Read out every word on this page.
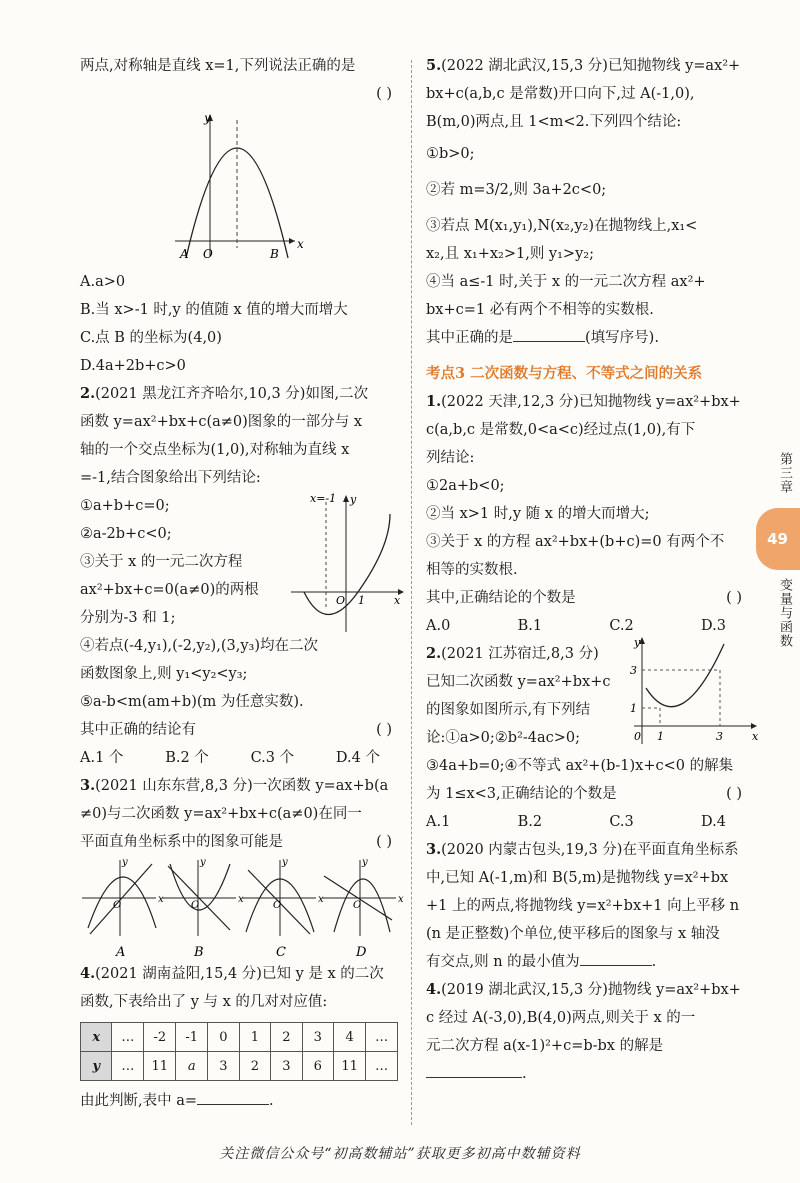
两点,对称轴是直线 x=1,下列说法正确的是

( )
y
x
A O	B
A.a>0
B.当 x>-1 时,y 的值随 x 值的增大而增大
C.点 B 的坐标为(4,0)
D.4a+2b+c>0
2.(2021 黑龙江齐齐哈尔,10,3 分)如图,二次
函数 y=ax²+bx+c(a≠0)图象的一部分与 x
轴的一个交点坐标为(1,0),对称轴为直线 x
=-1,结合图象给出下列结论:
x=-1 y
O 1	x
①a+b+c=0;
②a-2b+c<0;
③关于 x 的一元二次方程
ax²+bx+c=0(a≠0)的两根
分别为-3 和 1;
④若点(-4,y₁),(-2,y₂),(3,y₃)均在二次
函数图象上,则 y₁<y₂<y₃;
⑤a-b<m(am+b)(m 为任意实数).
其中正确的结论有	( )
A.1 个	B.2 个	C.3 个	D.4 个
3.(2021 山东东营,8,3 分)一次函数 y=ax+b(a
≠0)与二次函数 y=ax²+bx+c(a≠0)在同一
平面直角坐标系中的图象可能是	( )
O
x
y
A
O
x
y
B
O
x
y
C
O
x
y
D
4.(2021 湖南益阳,15,4 分)已知 y 是 x 的二次
函数,下表给出了 y 与 x 的几对对应值:
x	…	-2	-1	0	1	2	3	4	…
y	…	11	a	3	2	3	6	11	…
由此判断,表中 a=	.
5.(2022 湖北武汉,15,3 分)已知抛物线 y=ax²+
bx+c(a,b,c 是常数)开口向下,过 A(-1,0),
B(m,0)两点,且 1<m<2.下列四个结论:
①b>0;
②若 m=3/2,则 3a+2c<0;
③若点 M(x₁,y₁),N(x₂,y₂)在抛物线上,x₁<
x₂,且 x₁+x₂>1,则 y₁>y₂;
④当 a≤-1 时,关于 x 的一元二次方程 ax²+
bx+c=1 必有两个不相等的实数根.
其中正确的是	(填写序号).
考点3 二次函数与方程、不等式之间的关系
1.(2022 天津,12,3 分)已知抛物线 y=ax²+bx+
c(a,b,c 是常数,0<a<c)经过点(1,0),有下
列结论:
①2a+b<0;
②当 x>1 时,y 随 x 的增大而增大;
③关于 x 的方程 ax²+bx+(b+c)=0 有两个不
相等的实数根.
其中,正确结论的个数是	( )
A.0	B.1	C.2	D.3
y
3
1
0 1	3	x
2.(2021 江苏宿迁,8,3 分)
已知二次函数 y=ax²+bx+c
的图象如图所示,有下列结
论:①a>0;②b²-4ac>0;
③4a+b=0;④不等式 ax²+(b-1)x+c<0 的解集
为 1≤x<3,正确结论的个数是	( )
A.1	B.2	C.3	D.4
3.(2020 内蒙古包头,19,3 分)在平面直角坐标系
中,已知 A(-1,m)和 B(5,m)是抛物线 y=x²+bx
+1 上的两点,将抛物线 y=x²+bx+1 向上平移 n
(n 是正整数)个单位,使平移后的图象与 x 轴没
有交点,则 n 的最小值为	.
4.(2019 湖北武汉,15,3 分)抛物线 y=ax²+bx+
c 经过 A(-3,0),B(4,0)两点,则关于 x 的一
元二次方程 a(x-1)²+c=b-bx 的解是
.
第三章
49
变量与函数
关注微信公众号“初高数辅站”获取更多初高中数辅资料
